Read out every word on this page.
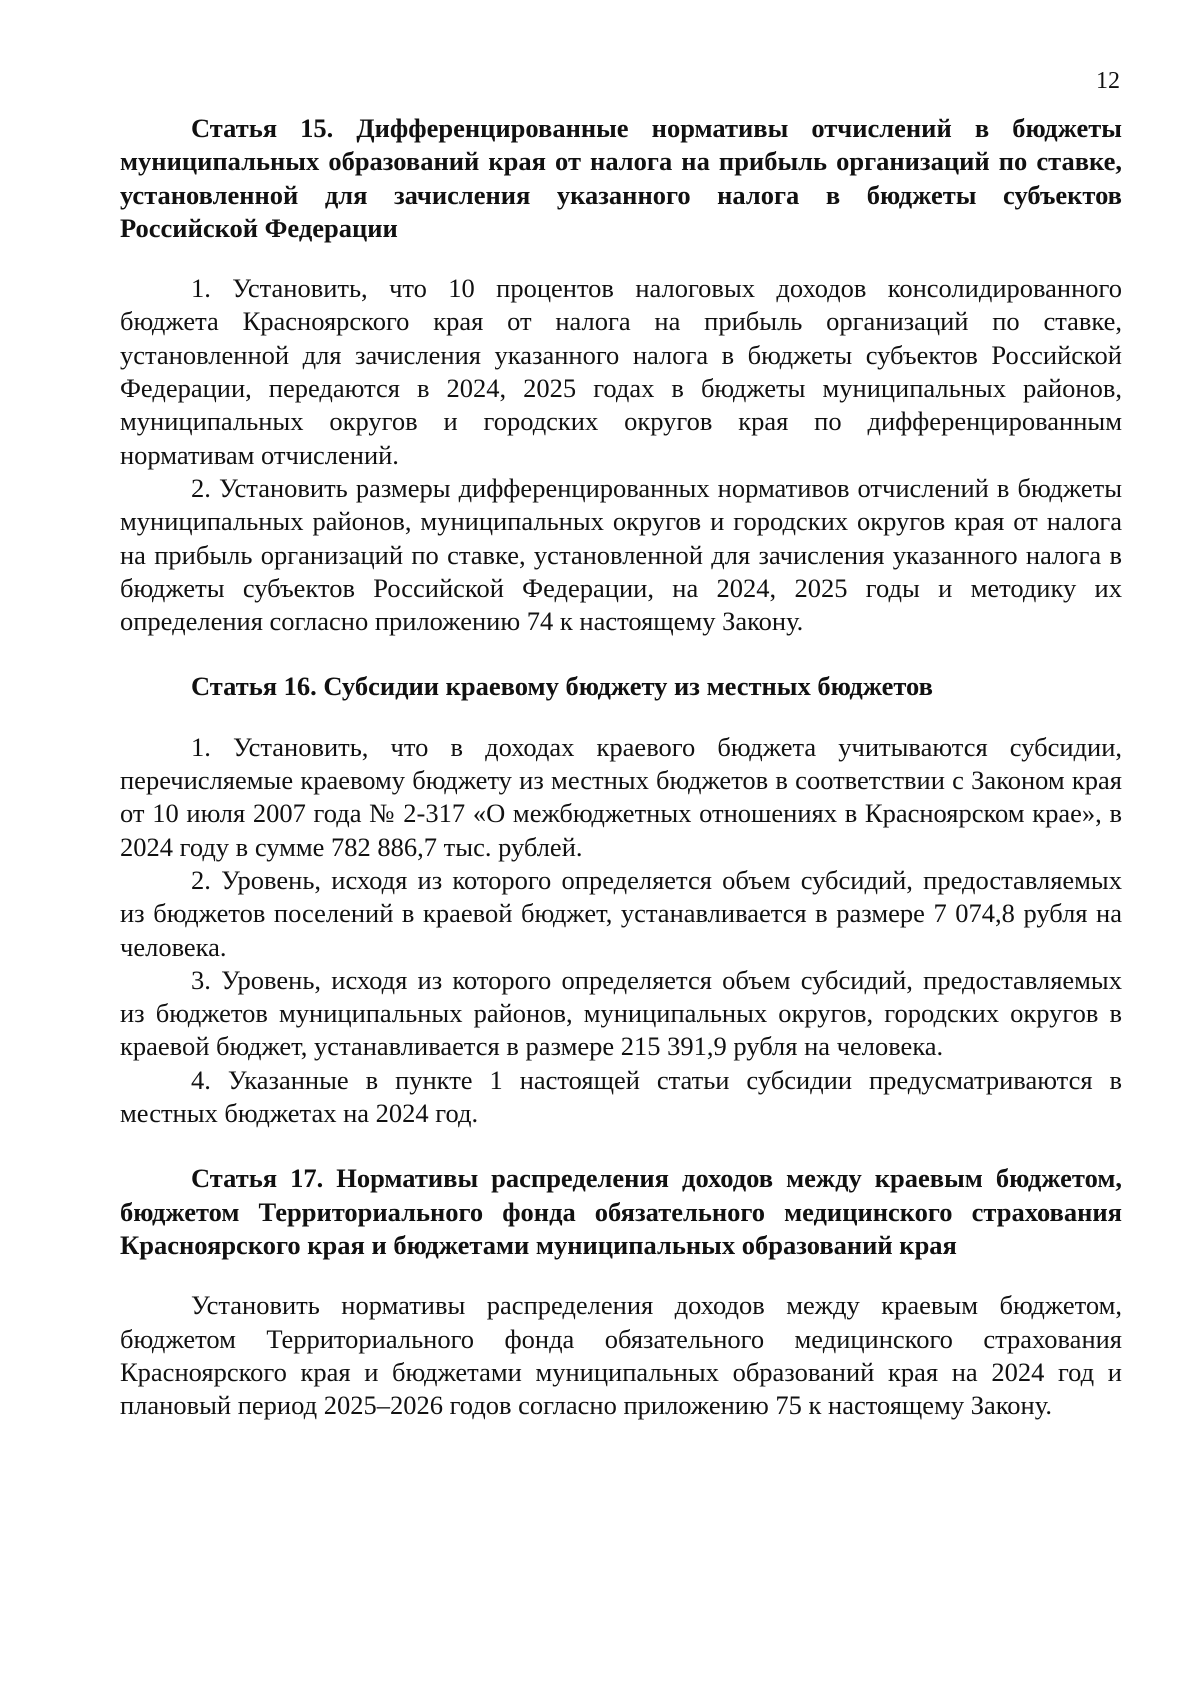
12
Статья 15. Дифференцированные нормативы отчислений в бюджеты муниципальных образований края от налога на прибыль организаций по ставке, установленной для зачисления указанного налога в бюджеты субъектов Российской Федерации

1. Установить, что 10 процентов налоговых доходов консолидированного бюджета Красноярского края от налога на прибыль организаций по ставке, установленной для зачисления указанного налога в бюджеты субъектов Российской Федерации, передаются в 2024, 2025 годах в бюджеты муниципальных районов, муниципальных округов и городских округов края по дифференцированным нормативам отчислений.

2. Установить размеры дифференцированных нормативов отчислений в бюджеты муниципальных районов, муниципальных округов и городских округов края от налога на прибыль организаций по ставке, установленной для зачисления указанного налога в бюджеты субъектов Российской Федерации, на 2024, 2025 годы и методику их определения согласно приложению 74 к настоящему Закону.

Статья 16. Субсидии краевому бюджету из местных бюджетов

1. Установить, что в доходах краевого бюджета учитываются субсидии, перечисляемые краевому бюджету из местных бюджетов в соответствии с Законом края от 10 июля 2007 года № 2-317 «О межбюджетных отношениях в Красноярском крае», в 2024 году в сумме 782 886,7 тыс. рублей.

2. Уровень, исходя из которого определяется объем субсидий, предоставляемых из бюджетов поселений в краевой бюджет, устанавливается в размере 7 074,8 рубля на человека.

3. Уровень, исходя из которого определяется объем субсидий, предоставляемых из бюджетов муниципальных районов, муниципальных округов, городских округов в краевой бюджет, устанавливается в размере 215 391,9 рубля на человека.

4. Указанные в пункте 1 настоящей статьи субсидии предусматриваются в местных бюджетах на 2024 год.

Статья 17. Нормативы распределения доходов между краевым бюджетом, бюджетом Территориального фонда обязательного медицинского страхования Красноярского края и бюджетами муниципальных образований края

Установить нормативы распределения доходов между краевым бюджетом, бюджетом Территориального фонда обязательного медицинского страхования Красноярского края и бюджетами муниципальных образований края на 2024 год и плановый период 2025–2026 годов согласно приложению 75 к настоящему Закону.
